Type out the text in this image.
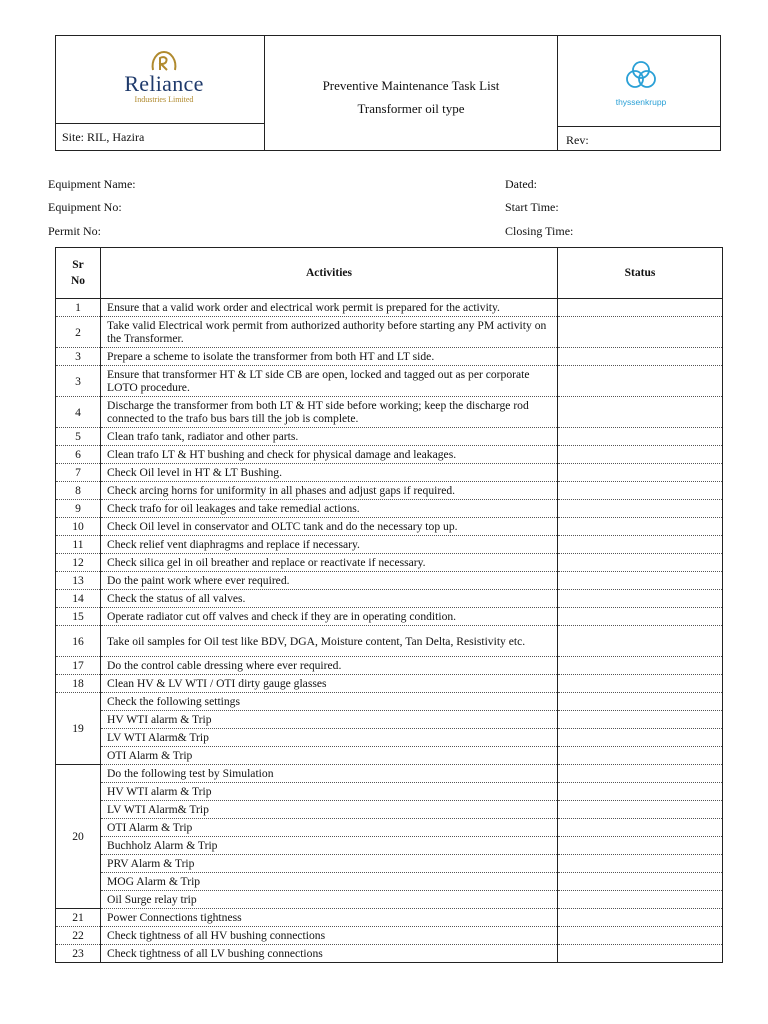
Reliance
Industries Limited
Preventive Maintenance Task List
Transformer oil type	thyssenkrupp
Site: RIL, Hazira	Rev:
Equipment Name:
Equipment No:
Permit No:
Dated:
Start Time:
Closing Time:
Sr No	Activities	Status
1	Ensure that a valid work order and electrical work permit is prepared for the activity.	
2	Take valid Electrical work permit from authorized authority before starting any PM activity on the Transformer.	
3	Prepare a scheme to isolate the transformer from both HT and LT side.	
3	Ensure that transformer HT & LT side CB are open, locked and tagged out as per corporate LOTO procedure.	
4	Discharge the transformer from both LT & HT side before working; keep the discharge rod connected to the trafo bus bars till the job is complete.	
5	Clean trafo tank, radiator and other parts.	
6	Clean trafo LT & HT bushing and check for physical damage and leakages.	
7	Check Oil level in HT & LT Bushing.	
8	Check arcing horns for uniformity in all phases and adjust gaps if required.	
9	Check trafo for oil leakages and take remedial actions.	
10	Check Oil level in conservator and OLTC tank and do the necessary top up.	
11	Check relief vent diaphragms and replace if necessary.	
12	Check silica gel in oil breather and replace or reactivate if necessary.	
13	Do the paint work where ever required.	
14	Check the status of all valves.	
15	Operate radiator cut off valves and check if they are in operating condition.	
16	Take oil samples for Oil test like BDV, DGA, Moisture content, Tan Delta, Resistivity etc.	
17	Do the control cable dressing where ever required.	
18	Clean HV & LV WTI / OTI dirty gauge glasses	
19	Check the following settings	
	HV WTI alarm & Trip	
	LV WTI Alarm& Trip	
	OTI Alarm & Trip	
20	Do the following test by Simulation	
	HV WTI alarm & Trip	
	LV WTI Alarm& Trip	
	OTI Alarm & Trip	
	Buchholz Alarm & Trip	
	PRV Alarm & Trip	
	MOG Alarm & Trip	
	Oil Surge relay trip	
21	Power Connections tightness	
22	Check tightness of all HV bushing connections	
23	Check tightness of all LV bushing connections	
